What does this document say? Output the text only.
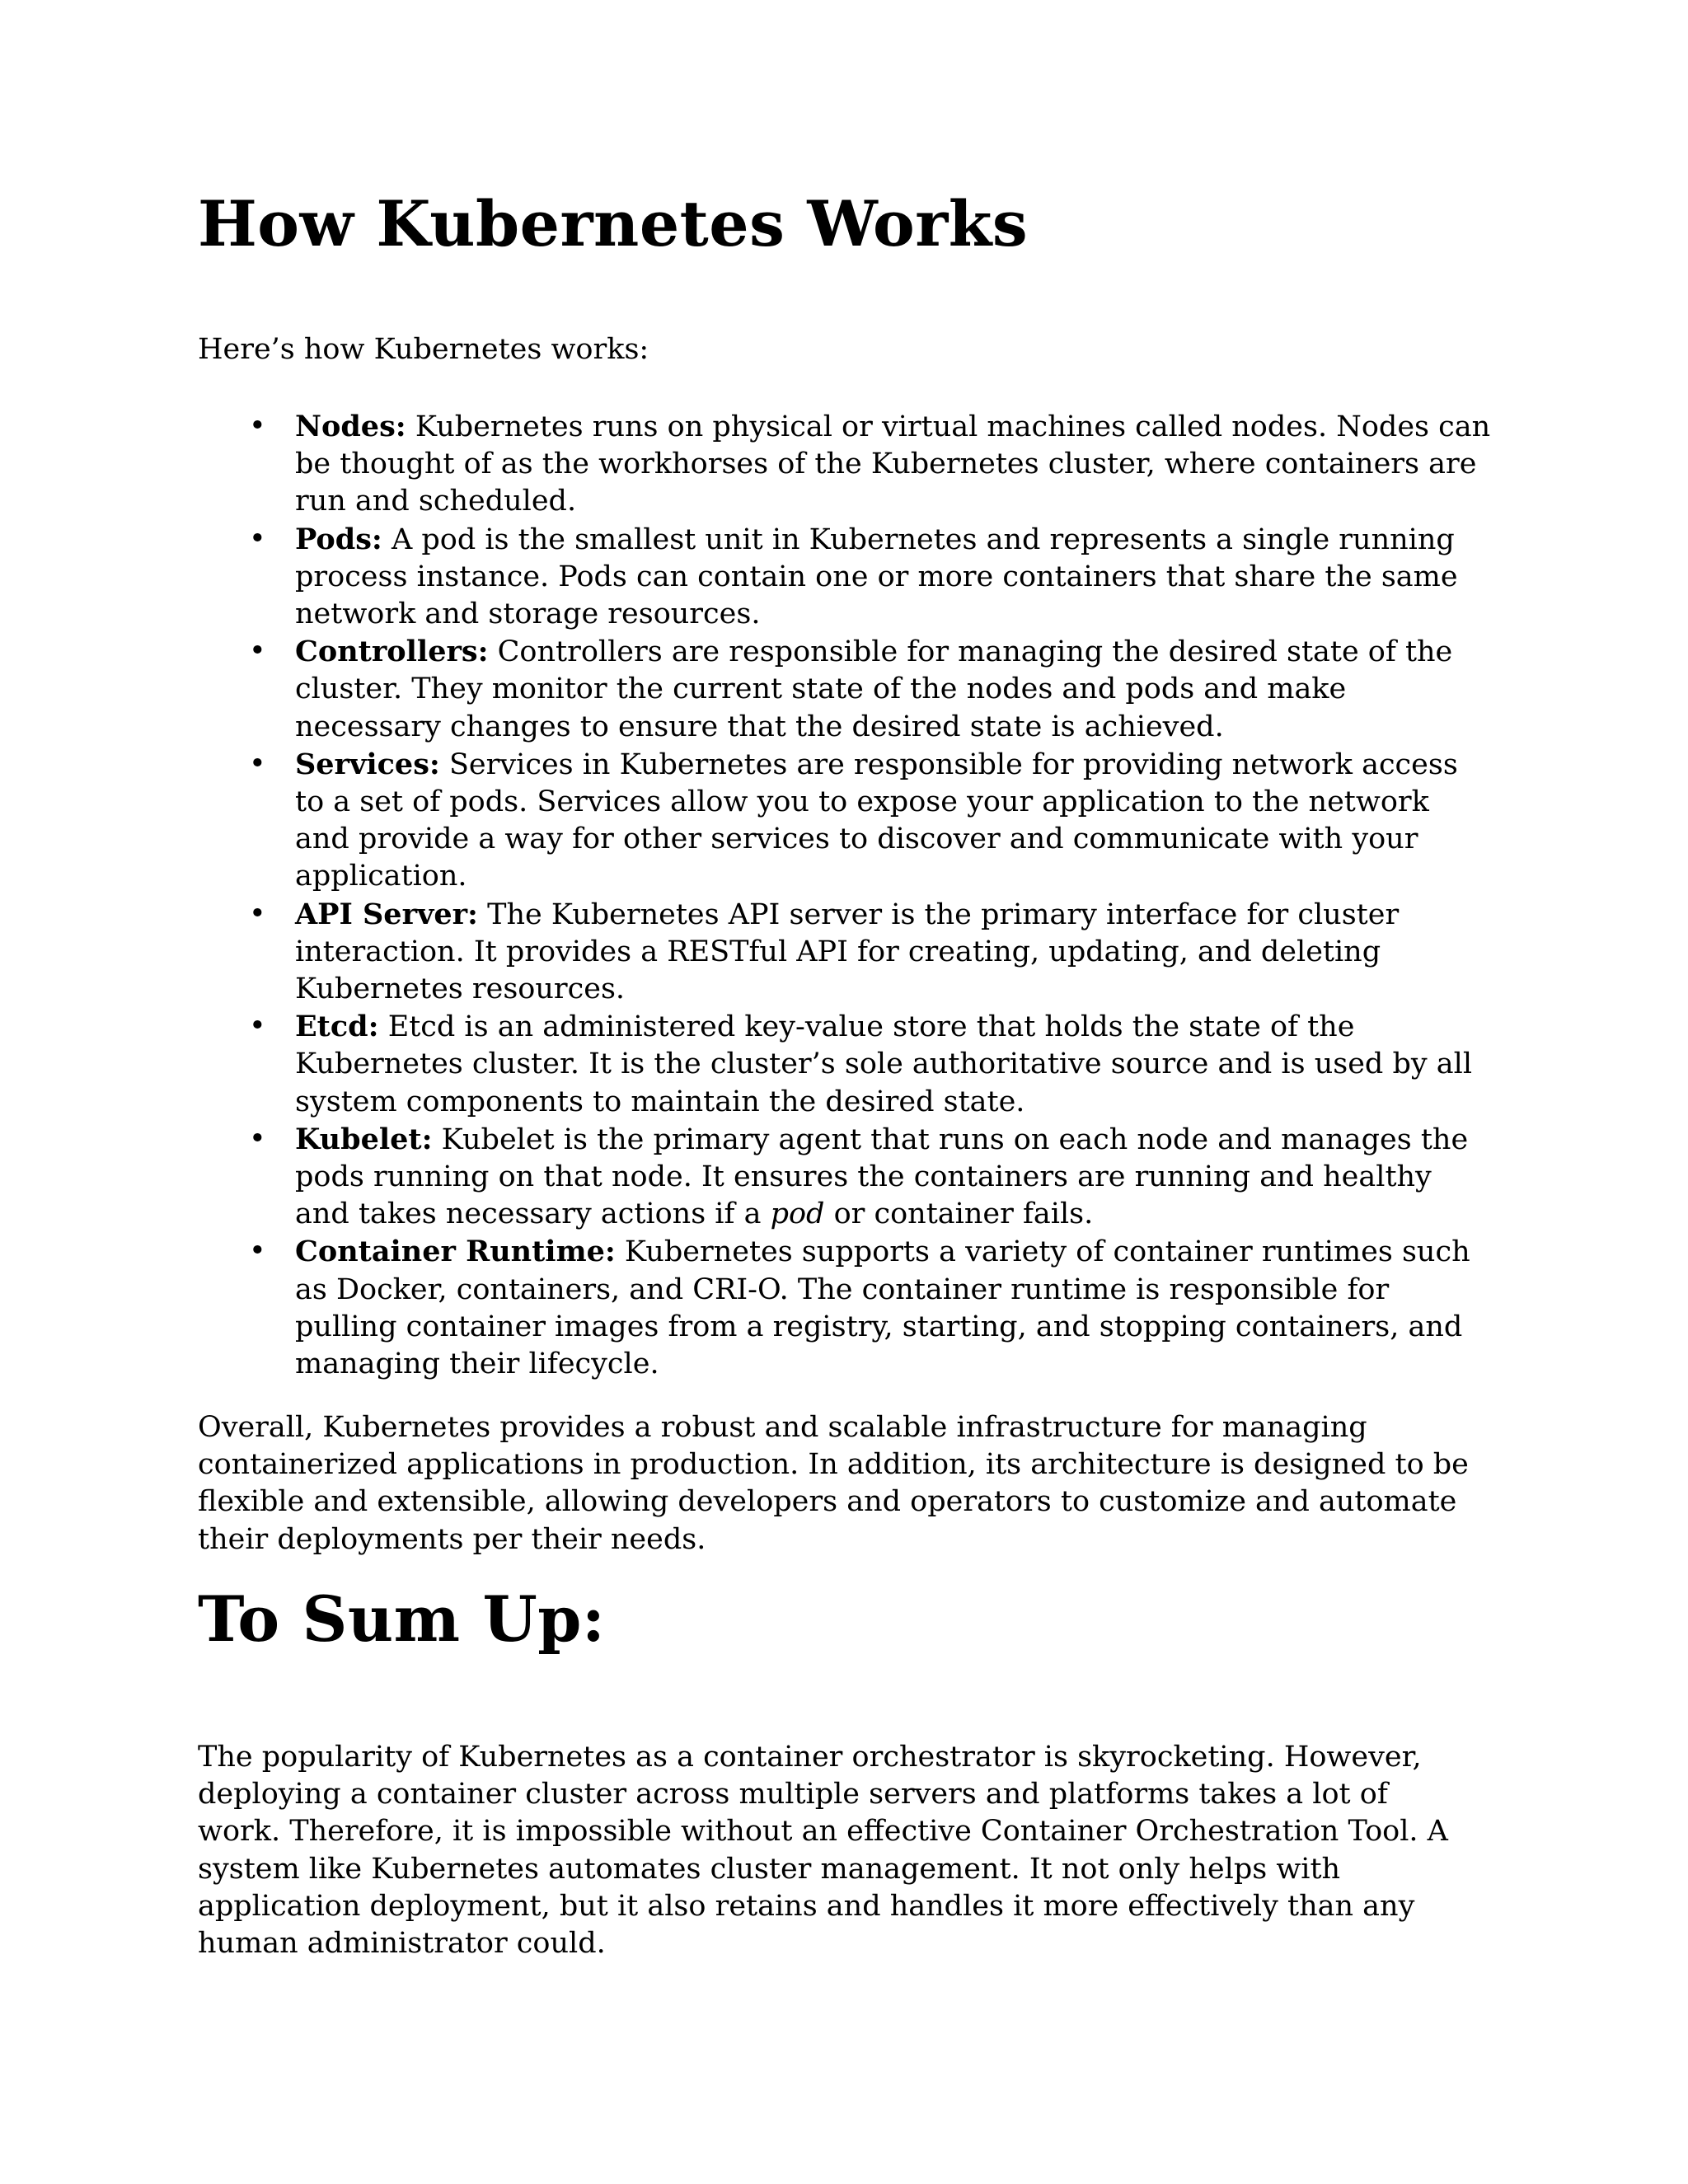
How Kubernetes Works

Here’s how Kubernetes works:

• Nodes: Kubernetes runs on physical or virtual machines called nodes. Nodes can be thought of as the workhorses of the Kubernetes cluster, where containers are run and scheduled.
• Pods: A pod is the smallest unit in Kubernetes and represents a single running process instance. Pods can contain one or more containers that share the same network and storage resources.
• Controllers: Controllers are responsible for managing the desired state of the cluster. They monitor the current state of the nodes and pods and make necessary changes to ensure that the desired state is achieved.
• Services: Services in Kubernetes are responsible for providing network access to a set of pods. Services allow you to expose your application to the network and provide a way for other services to discover and communicate with your application.
• API Server: The Kubernetes API server is the primary interface for cluster interaction. It provides a RESTful API for creating, updating, and deleting Kubernetes resources.
• Etcd: Etcd is an administered key-value store that holds the state of the Kubernetes cluster. It is the cluster’s sole authoritative source and is used by all system components to maintain the desired state.
• Kubelet: Kubelet is the primary agent that runs on each node and manages the pods running on that node. It ensures the containers are running and healthy and takes necessary actions if a pod or container fails.
• Container Runtime: Kubernetes supports a variety of container runtimes such as Docker, containers, and CRI-O. The container runtime is responsible for pulling container images from a registry, starting, and stopping containers, and managing their lifecycle.

Overall, Kubernetes provides a robust and scalable infrastructure for managing containerized applications in production. In addition, its architecture is designed to be flexible and extensible, allowing developers and operators to customize and automate their deployments per their needs.

To Sum Up:

The popularity of Kubernetes as a container orchestrator is skyrocketing. However, deploying a container cluster across multiple servers and platforms takes a lot of work. Therefore, it is impossible without an effective Container Orchestration Tool. A system like Kubernetes automates cluster management. It not only helps with application deployment, but it also retains and handles it more effectively than any human administrator could.
